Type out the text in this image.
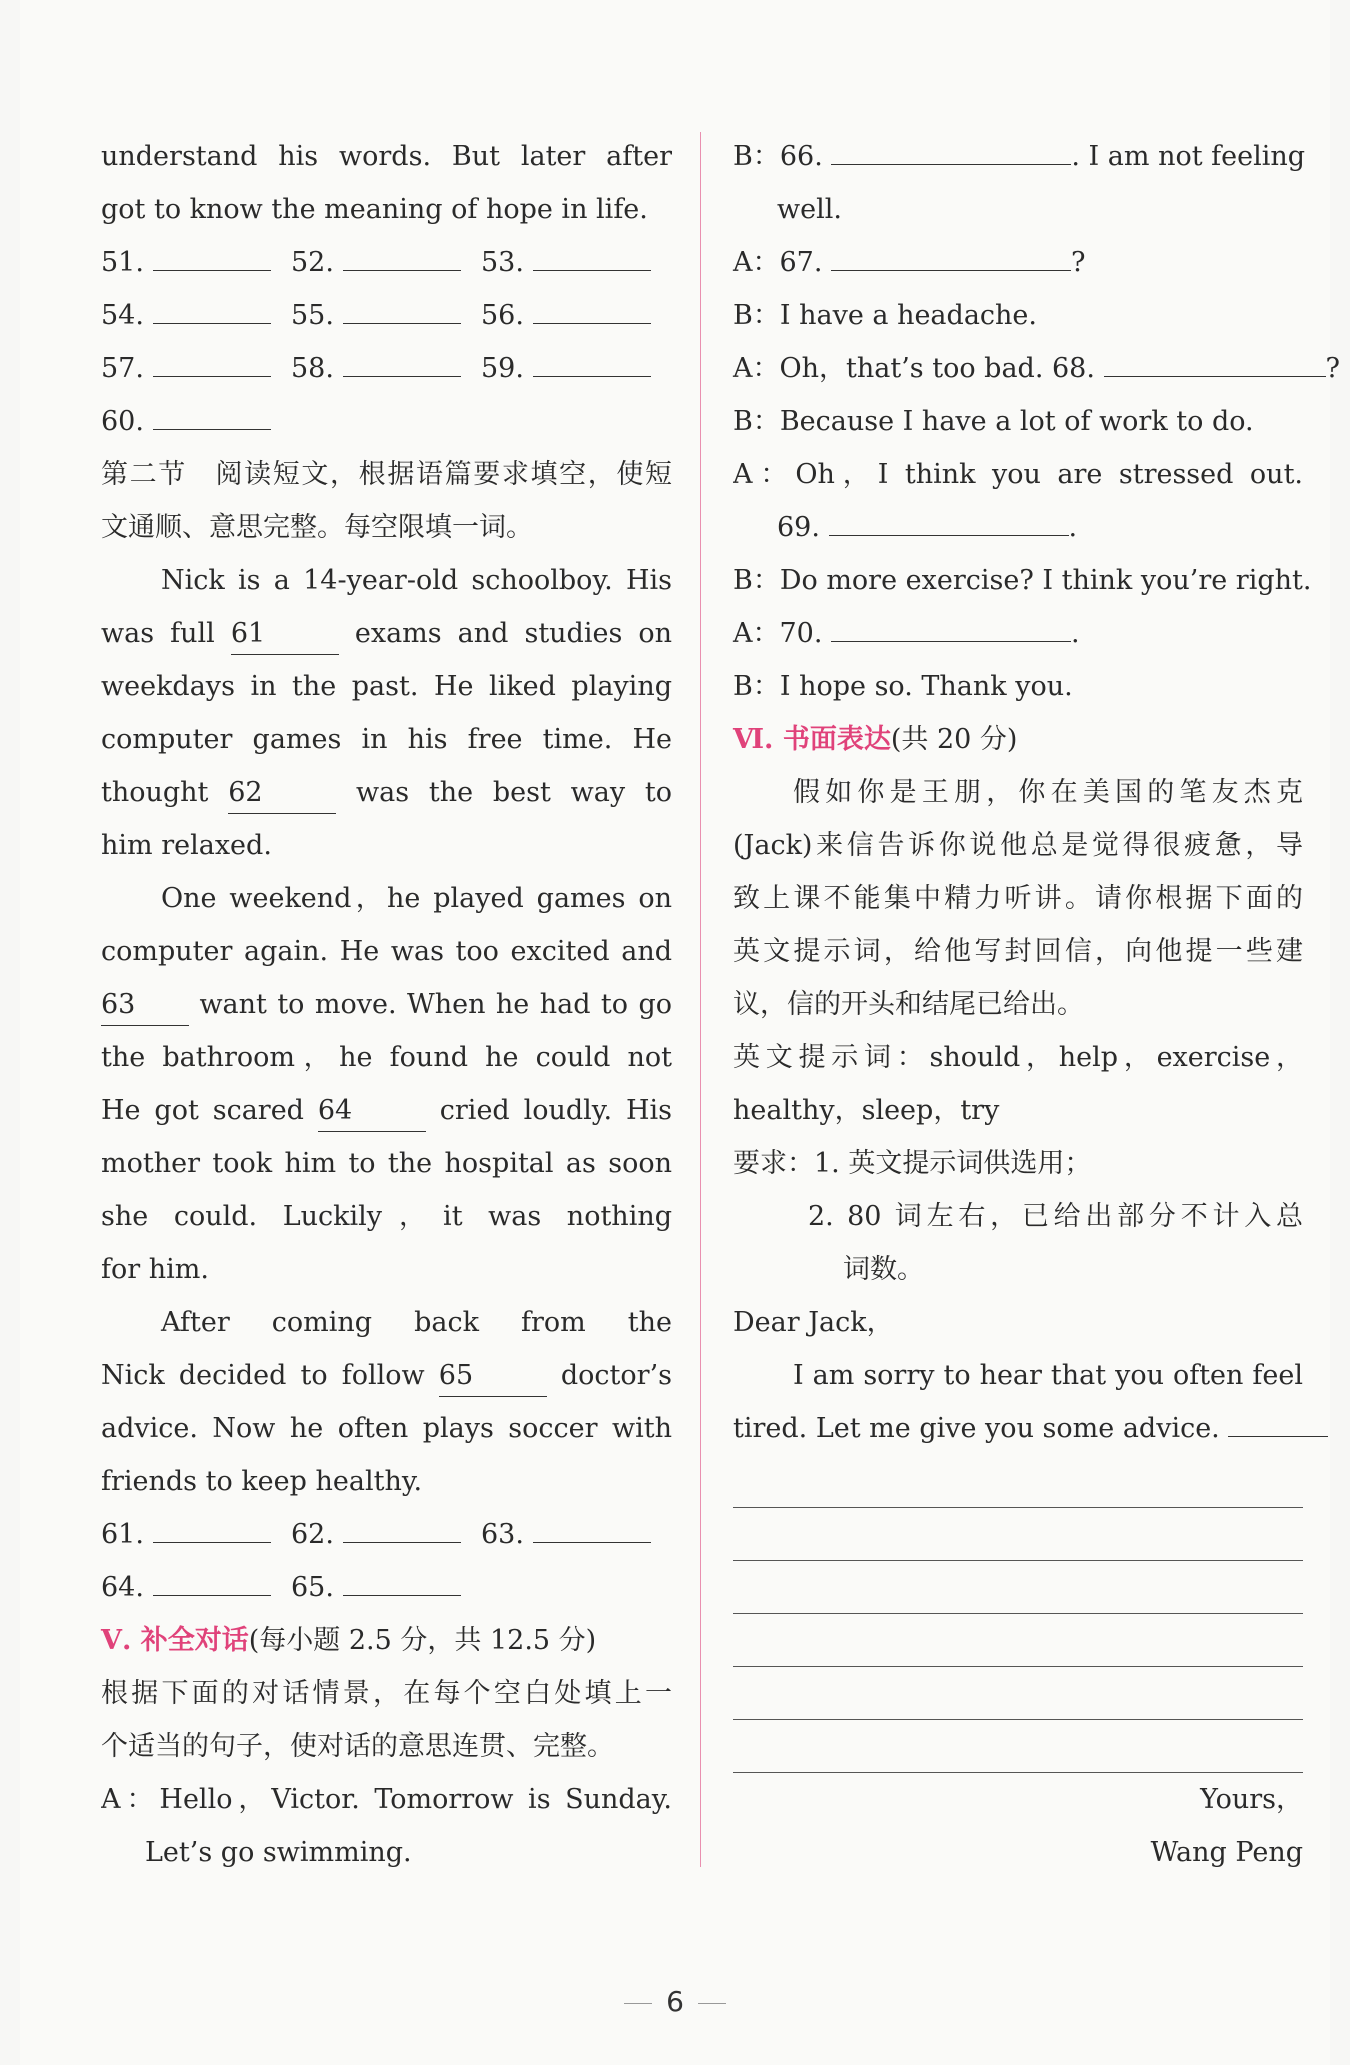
understand his words. But later after
got to know the meaning of hope in life.
51.	52.	53.
54.	55.	56.
57.	58.	59.
60.
第二节　阅读短文，根据语篇要求填空，使短
文通顺、意思完整。每空限填一词。
Nick is a 14-year-old schoolboy. His
was full 61	exams and studies on
weekdays in the past. He liked playing
computer games in his free time. He
thought 62	was the best way to
him relaxed.
One weekend，he played games on
computer again. He was too excited and
63 want to move. When he had to go
the bathroom，he found he could not
He got scared 64	cried loudly. His
mother took him to the hospital as soon
she could. Luckily，it was nothing
for him.
After coming back from the
Nick decided to follow 65	doctor’s
advice. Now he often plays soccer with
friends to keep healthy.
61.	62.	63.
64.	65.
Ⅴ. 补全对话(每小题 2.5 分，共 12.5 分)
根据下面的对话情景，在每个空白处填上一
个适当的句子，使对话的意思连贯、完整。
A：Hello，Victor. Tomorrow is Sunday.
Let’s go swimming.
B：66.	. I am not feeling
well.
A：67.	?
B：I have a headache.
A：Oh，that’s too bad. 68.	?
B：Because I have a lot of work to do.
A：Oh，I think you are stressed out.
69.	.
B：Do more exercise? I think you’re right.
A：70.	.
B：I hope so. Thank you.
Ⅵ. 书面表达(共 20 分)
假如你是王朋，你在美国的笔友杰克
(Jack)来信告诉你说他总是觉得很疲惫，导
致上课不能集中精力听讲。请你根据下面的
英文提示词，给他写封回信，向他提一些建
议，信的开头和结尾已给出。
英文提示词：should，help，exercise，
healthy，sleep，try
要求：1. 英文提示词供选用；
2. 80 词左右，已给出部分不计入总
词数。
Dear Jack，
I am sorry to hear that you often feel
tired. Let me give you some advice.
Yours，
Wang Peng
6
